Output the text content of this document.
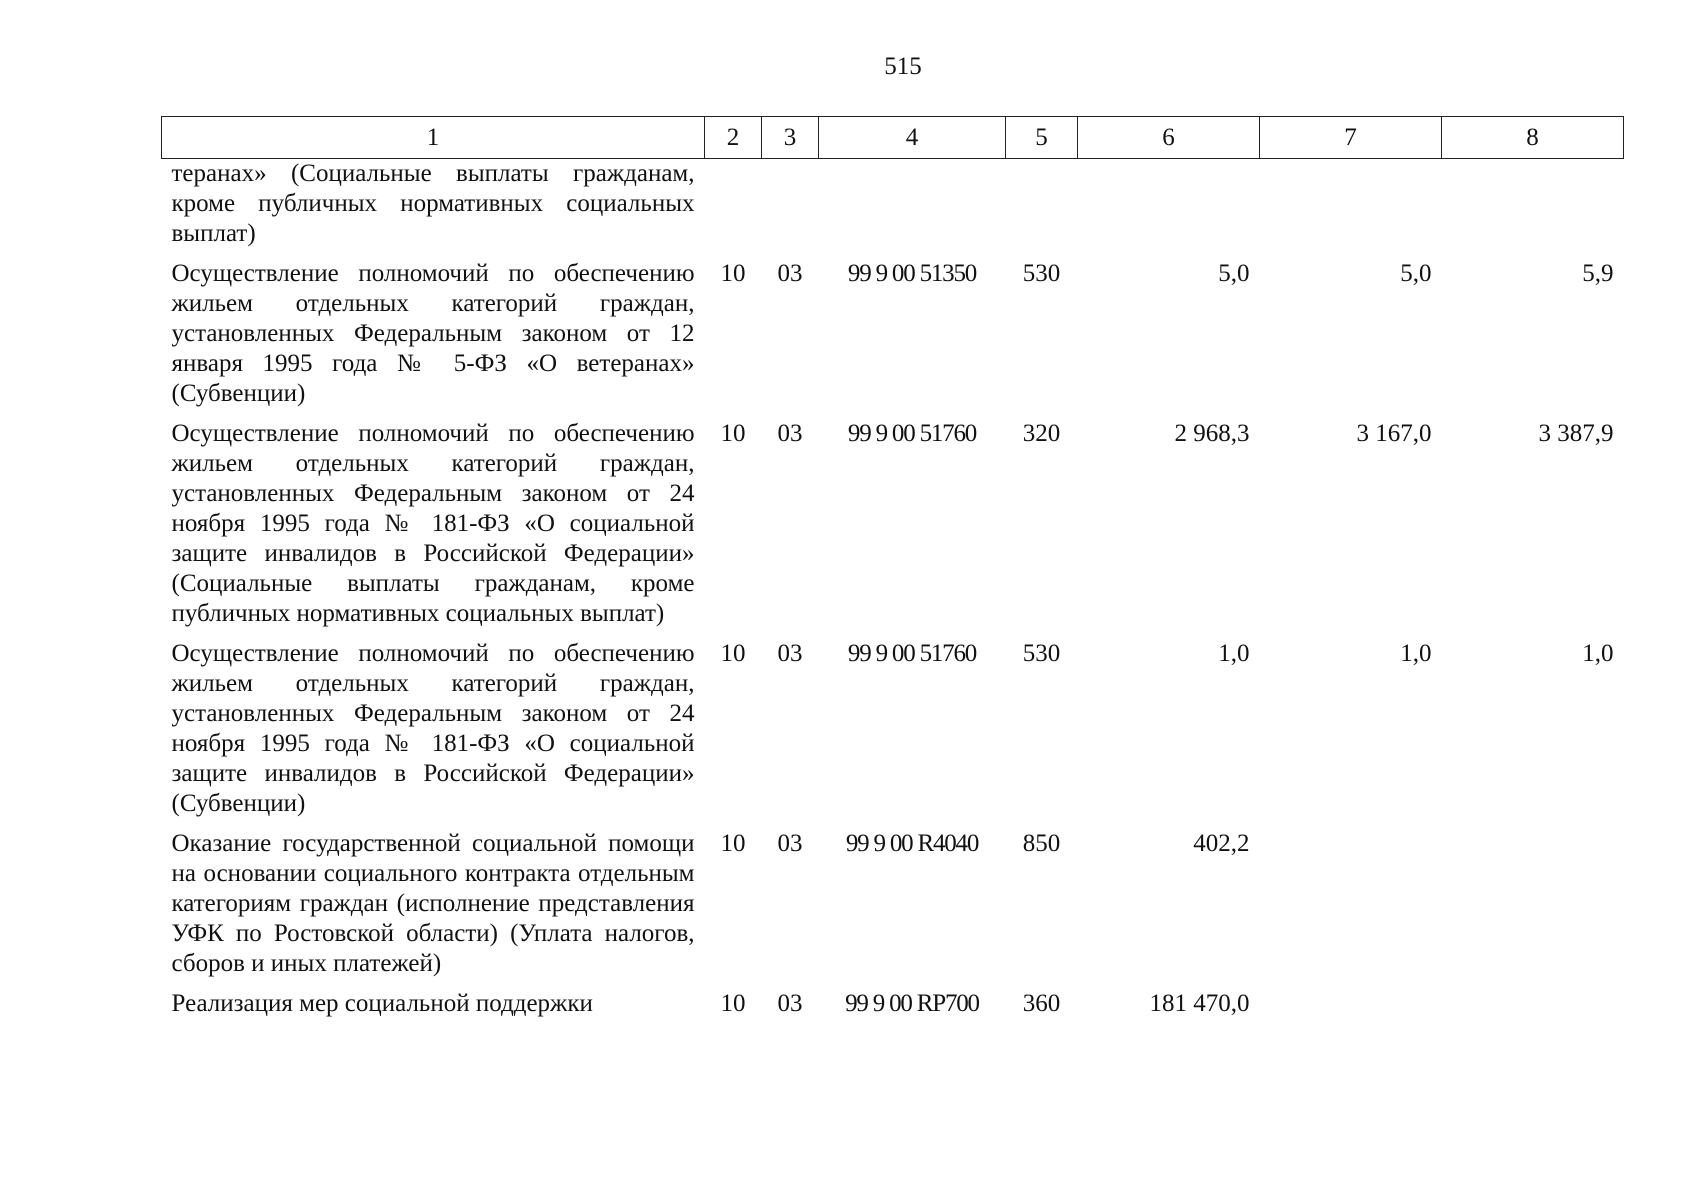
515
1	2	3	4	5	6	7	8
теранах» (Социальные выплаты гражданам, кроме публичных нормативных социальных выплат)							
Осуществление полномочий по обеспечению жильем отдельных категорий граждан, установленных Федеральным законом от 12 января 1995 года № 5-ФЗ «О ветеранах» (Субвенции)	10	03	99 9 00 51350	530	5,0	5,0	5,9
Осуществление полномочий по обеспечению жильем отдельных категорий граждан, установленных Федеральным законом от 24 ноября 1995 года № 181-ФЗ «О социальной защите инвалидов в Российской Федерации» (Социальные выплаты гражданам, кроме публичных нормативных социальных выплат)	10	03	99 9 00 51760	320	2 968,3	3 167,0	3 387,9
Осуществление полномочий по обеспечению жильем отдельных категорий граждан, установленных Федеральным законом от 24 ноября 1995 года № 181-ФЗ «О социальной защите инвалидов в Российской Федерации» (Субвенции)	10	03	99 9 00 51760	530	1,0	1,0	1,0
Оказание государственной социальной помощи на основании социального контракта отдельным категориям граждан (исполнение представления УФК по Ростовской области) (Уплата налогов, сборов и иных платежей)	10	03	99 9 00 R4040	850	402,2		
Реализация мер социальной поддержки	10	03	99 9 00 RP700	360	181 470,0		
